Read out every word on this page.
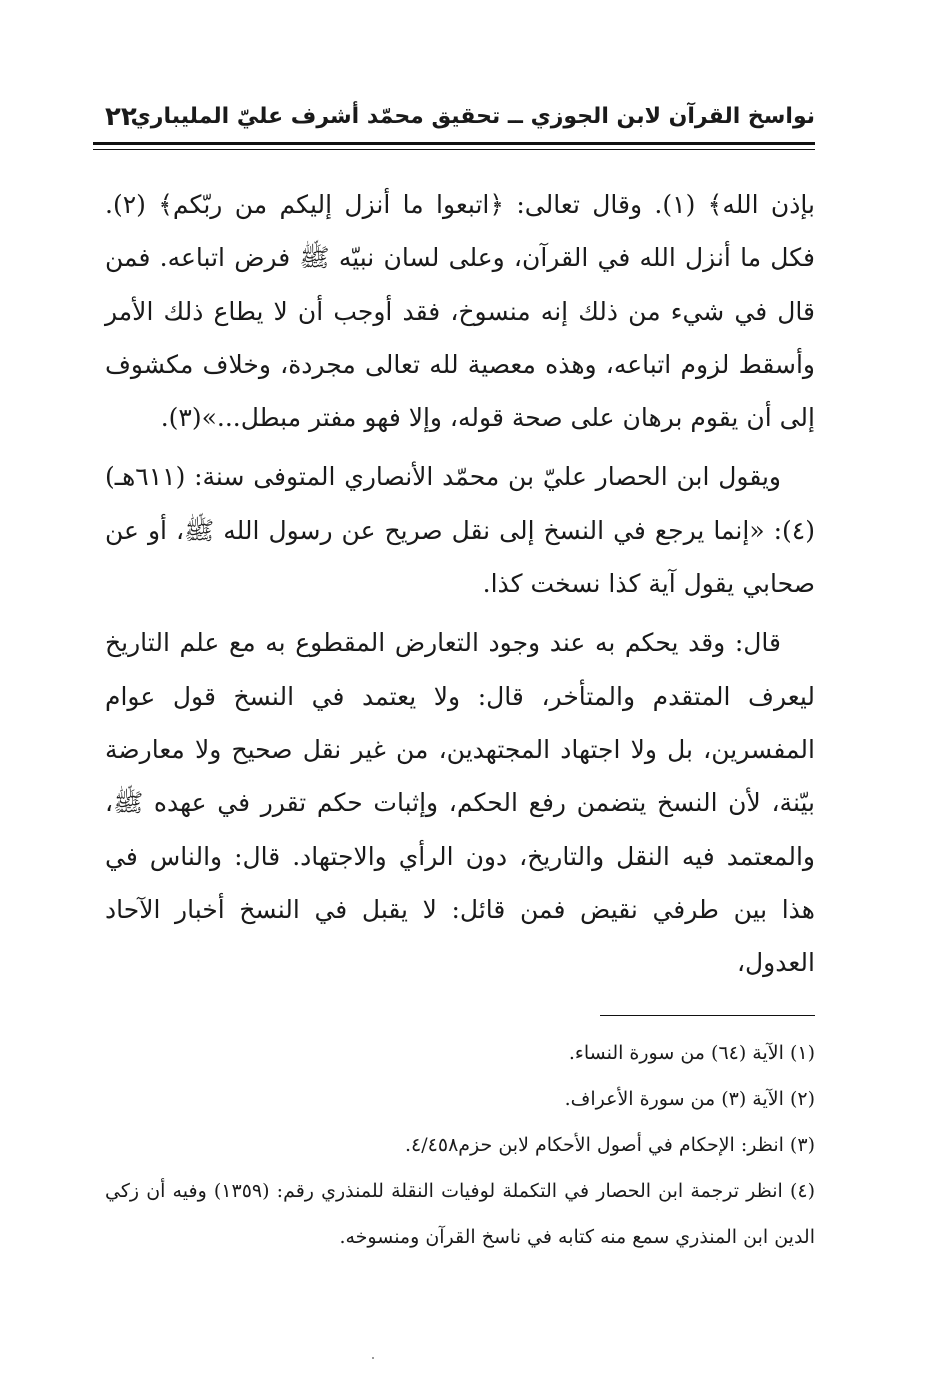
نواسخ القرآن لابن الجوزي ــ تحقيق محمّد أشرف عليّ المليباري
٢٢

بإذن الله﴾ (١). وقال تعالى: ﴿اتبعوا ما أنزل إليكم من ربّكم﴾ (٢). فكل ما أنزل الله في القرآن، وعلى لسان نبيّه ﷺ فرض اتباعه. فمن قال في شيء من ذلك إنه منسوخ، فقد أوجب أن لا يطاع ذلك الأمر وأسقط لزوم اتباعه، وهذه معصية لله تعالى مجردة، وخلاف مكشوف إلى أن يقوم برهان على صحة قوله، وإلا فهو مفتر مبطل...»(٣).

ويقول ابن الحصار عليّ بن محمّد الأنصاري المتوفى سنة: (٦١١هـ)(٤): «إنما يرجع في النسخ إلى نقل صريح عن رسول الله ﷺ، أو عن صحابي يقول آية كذا نسخت كذا.

قال: وقد يحكم به عند وجود التعارض المقطوع به مع علم التاريخ ليعرف المتقدم والمتأخر، قال: ولا يعتمد في النسخ قول عوام المفسرين، بل ولا اجتهاد المجتهدين، من غير نقل صحيح ولا معارضة بيّنة، لأن النسخ يتضمن رفع الحكم، وإثبات حكم تقرر في عهده ﷺ، والمعتمد فيه النقل والتاريخ، دون الرأي والاجتهاد. قال: والناس في هذا بين طرفي نقيض فمن قائل: لا يقبل في النسخ أخبار الآحاد العدول،

(١) الآية (٦٤) من سورة النساء.

(٢) الآية (٣) من سورة الأعراف.

(٣) انظر: الإحكام في أصول الأحكام لابن حزم٤/٤٥٨.

(٤) انظر ترجمة ابن الحصار في التكملة لوفيات النقلة للمنذري رقم: (١٣٥٩) وفيه أن زكي الدين ابن المنذري سمع منه كتابه في ناسخ القرآن ومنسوخه.
